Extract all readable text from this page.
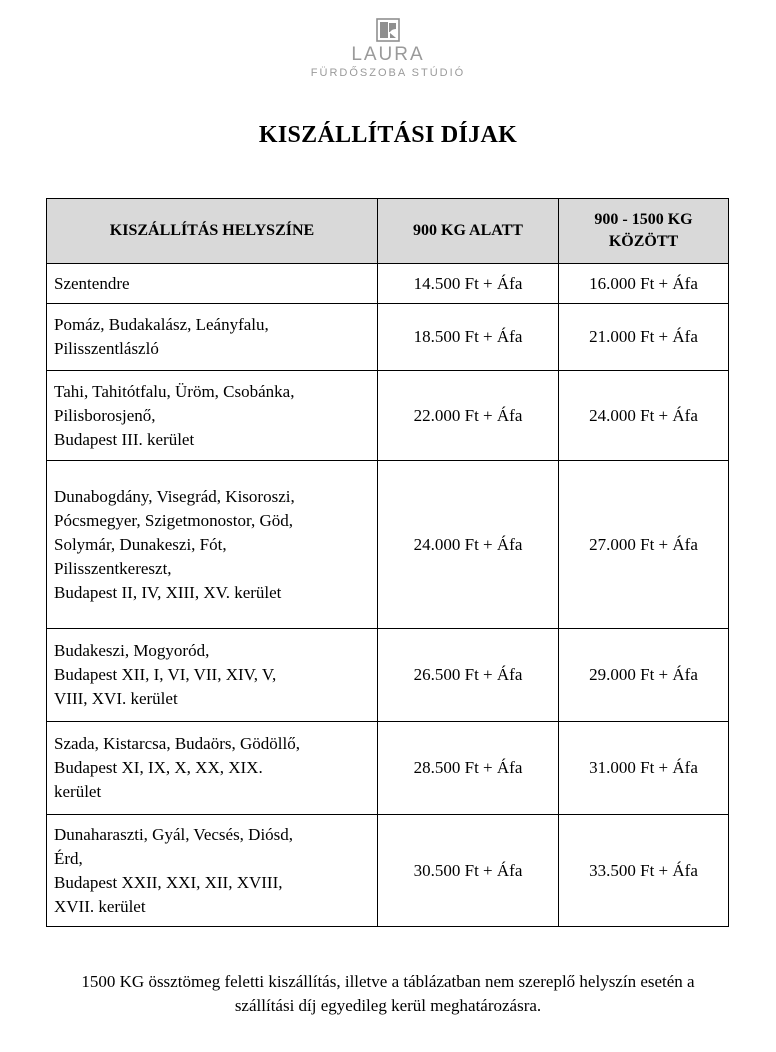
LAURA
FÜRDŐSZOBA STÚDIÓ
KISZÁLLÍTÁSI DÍJAK
KISZÁLLÍTÁS HELYSZÍNE	900 KG ALATT	900 - 1500 KG KÖZÖTT
Szentendre	14.500 Ft + Áfa	16.000 Ft + Áfa
Pomáz, Budakalász, Leányfalu,
Pilisszentlászló	18.500 Ft + Áfa	21.000 Ft + Áfa
Tahi, Tahitótfalu, Üröm, Csobánka,
Pilisborosjenő,
Budapest III. kerület	22.000 Ft + Áfa	24.000 Ft + Áfa
Dunabogdány, Visegrád, Kisoroszi,
Pócsmegyer, Szigetmonostor, Göd,
Solymár, Dunakeszi, Fót,
Pilisszentkereszt,
Budapest II, IV, XIII, XV. kerület	24.000 Ft + Áfa	27.000 Ft + Áfa
Budakeszi, Mogyoród,
Budapest XII, I, VI, VII, XIV, V,
VIII, XVI. kerület	26.500 Ft + Áfa	29.000 Ft + Áfa
Szada, Kistarcsa, Budaörs, Gödöllő,
Budapest XI, IX, X, XX, XIX.
kerület	28.500 Ft + Áfa	31.000 Ft + Áfa
Dunaharaszti, Gyál, Vecsés, Diósd,
Érd,
Budapest XXII, XXI, XII, XVIII,
XVII. kerület	30.500 Ft + Áfa	33.500 Ft + Áfa
1500 KG össztömeg feletti kiszállítás, illetve a táblázatban nem szereplő helyszín esetén a szállítási díj egyedileg kerül meghatározásra.
